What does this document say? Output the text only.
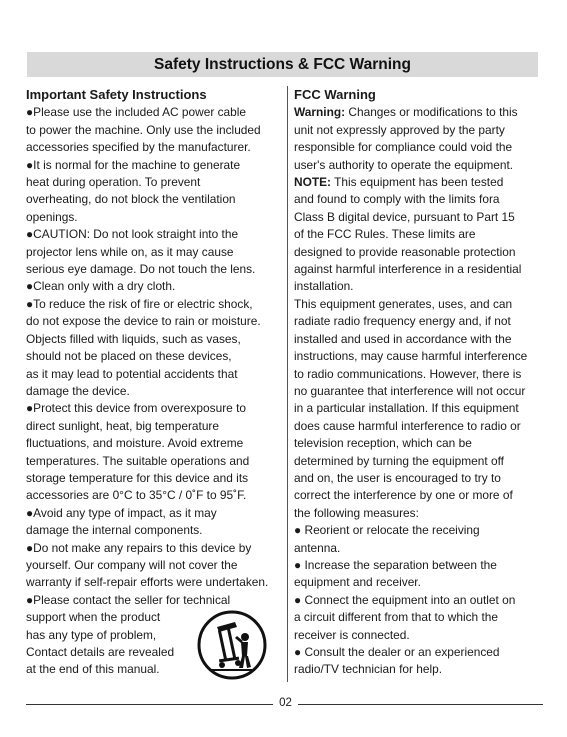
Safety Instructions & FCC Warning
Important Safety Instructions
●Please use the included AC power cable
to power the machine. Only use the included
accessories specified by the manufacturer.
●It is normal for the machine to generate
heat during operation. To prevent
overheating, do not block the ventilation
openings.
●CAUTION: Do not look straight into the
projector lens while on, as it may cause
serious eye damage. Do not touch the lens.
●Clean only with a dry cloth.
●To reduce the risk of fire or electric shock,
do not expose the device to rain or moisture.
Objects filled with liquids, such as vases,
should not be placed on these devices,
as it may lead to potential accidents that
damage the device.
●Protect this device from overexposure to
direct sunlight, heat, big temperature
fluctuations, and moisture. Avoid extreme
temperatures. The suitable operations and
storage temperature for this device and its
accessories are 0°C to 35°C / 0˚F to 95˚F.
●Avoid any type of impact, as it may
damage the internal components.
●Do not make any repairs to this device by
yourself. Our company will not cover the
warranty if self-repair efforts were undertaken.
●Please contact the seller for technical
support when the product
has any type of problem,
Contact details are revealed
at the end of this manual.
FCC Warning
Warning: Changes or modifications to this
unit not expressly approved by the party
responsible for compliance could void the
user's authority to operate the equipment.
NOTE: This equipment has been tested
and found to comply with the limits fora
Class B digital device, pursuant to Part 15
of the FCC Rules. These limits are
designed to provide reasonable protection
against harmful interference in a residential
installation.
This equipment generates, uses, and can
radiate radio frequency energy and, if not
installed and used in accordance with the
instructions, may cause harmful interference
to radio communications. However, there is
no guarantee that interference will not occur
in a particular installation. If this equipment
does cause harmful interference to radio or
television reception, which can be
determined by turning the equipment off
and on, the user is encouraged to try to
correct the interference by one or more of
the following measures:
● Reorient or relocate the receiving
antenna.
● Increase the separation between the
equipment and receiver.
● Connect the equipment into an outlet on
a circuit different from that to which the
receiver is connected.
● Consult the dealer or an experienced
radio/TV technician for help.
02
